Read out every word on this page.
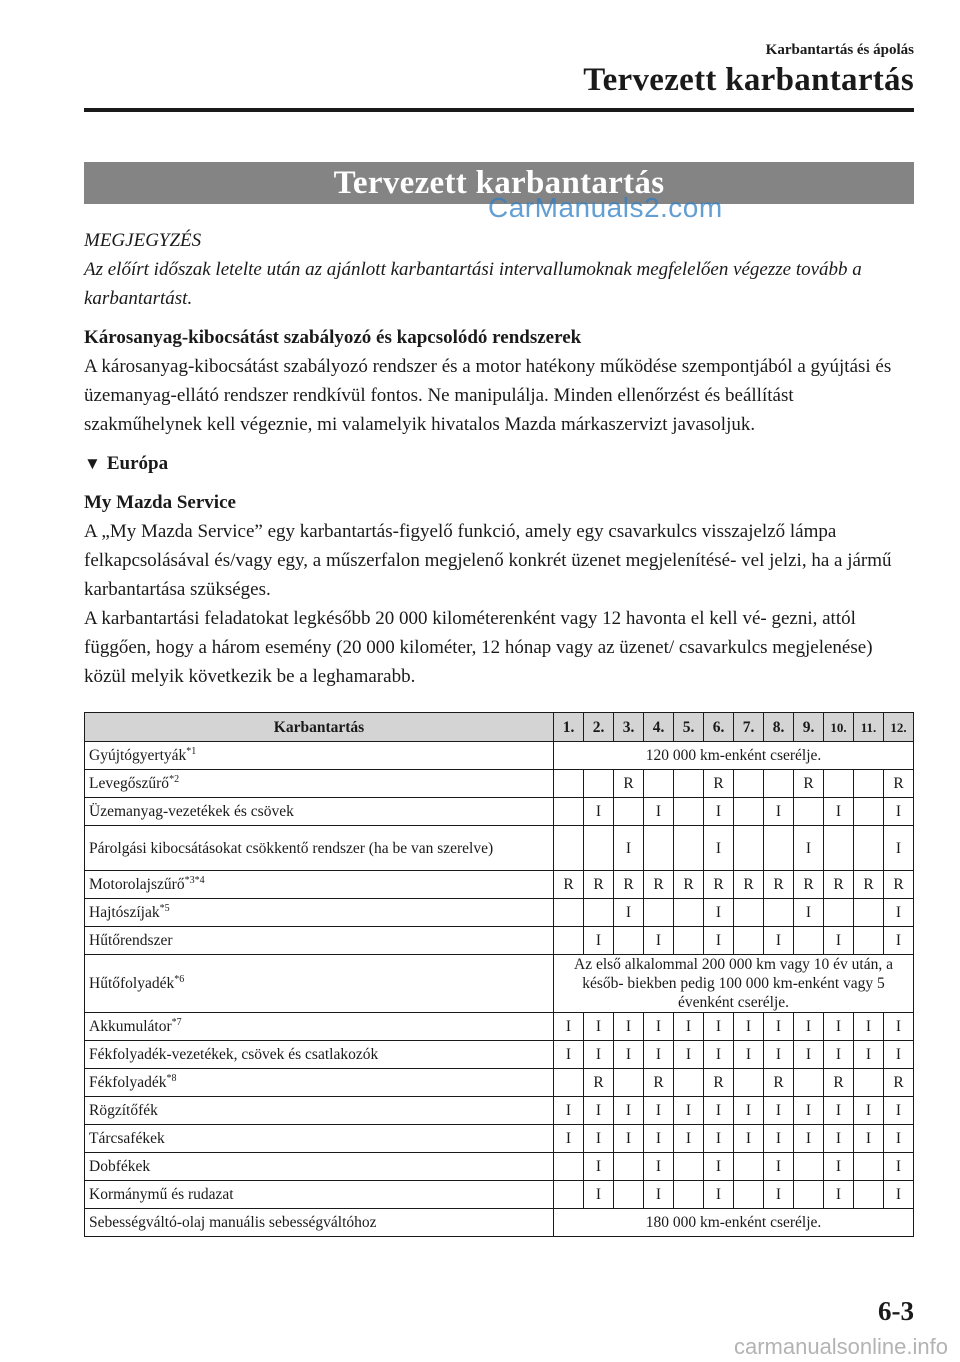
Karbantartás és ápolás
Tervezett karbantartás
Tervezett karbantartás
CarManuals2.com

MEGJEGYZÉS

Az előírt időszak letelte után az ajánlott karbantartási intervallumoknak megfelelően végezze tovább a karbantartást.

Károsanyag-kibocsátást szabályozó és kapcsolódó rendszerek

A károsanyag-kibocsátást szabályozó rendszer és a motor hatékony működése szempontjából a gyújtási és üzemanyag-ellátó rendszer rendkívül fontos. Ne manipulálja. Minden ellenőrzést és beállítást szakműhelynek kell végeznie, mi valamelyik hivatalos Mazda márkaszervizt javasoljuk.

▼ Európa

My Mazda Service

A „My Mazda Service” egy karbantartás-figyelő funkció, amely egy csavarkulcs visszajelző lámpa felkapcsolásával és/vagy egy, a műszerfalon megjelenő konkrét üzenet megjelenítésé- vel jelzi, ha a jármű karbantartása szükséges.

A karbantartási feladatokat legkésőbb 20 000 kilométerenként vagy 12 havonta el kell vé- gezni, attól függően, hogy a három esemény (20 000 kilométer, 12 hónap vagy az üzenet/ csavarkulcs megjelenése) közül melyik következik be a leghamarabb.

Karbantartás	1.	2.	3.	4.	5.	6.	7.	8.	9.	10.	11.	12.
Gyújtógyertyák$^{*1}$	120 000 km-enként cserélje.											
Levegőszűrő$^{*2}$			R			R			R			R
Üzemanyag-vezetékek és csövek		I		I		I		I		I		I
Párolgási kibocsátásokat csökkentő rendszer (ha be van szerelve)			I			I			I			I
Motorolajszűrő$^{*3*4}$	R	R	R	R	R	R	R	R	R	R	R	R
Hajtószíjak$^{*5}$			I			I			I			I
Hűtőrendszer		I		I		I		I		I		I
Hűtőfolyadék$^{*6}$	Az első alkalommal 200 000 km vagy 10 év után, a későb- biekben pedig 100 000 km-enként vagy 5 évenként cserélje.											
Akkumulátor$^{*7}$	I	I	I	I	I	I	I	I	I	I	I	I
Fékfolyadék-vezetékek, csövek és csatlakozók	I	I	I	I	I	I	I	I	I	I	I	I
Fékfolyadék$^{*8}$		R		R		R		R		R		R
Rögzítőfék	I	I	I	I	I	I	I	I	I	I	I	I
Tárcsafékek	I	I	I	I	I	I	I	I	I	I	I	I
Dobfékek		I		I		I		I		I		I
Kormánymű és rudazat		I		I		I		I		I		I
Sebességváltó-olaj manuális sebességváltóhoz	180 000 km-enként cserélje.											
6-3
carmanualsonline.info
